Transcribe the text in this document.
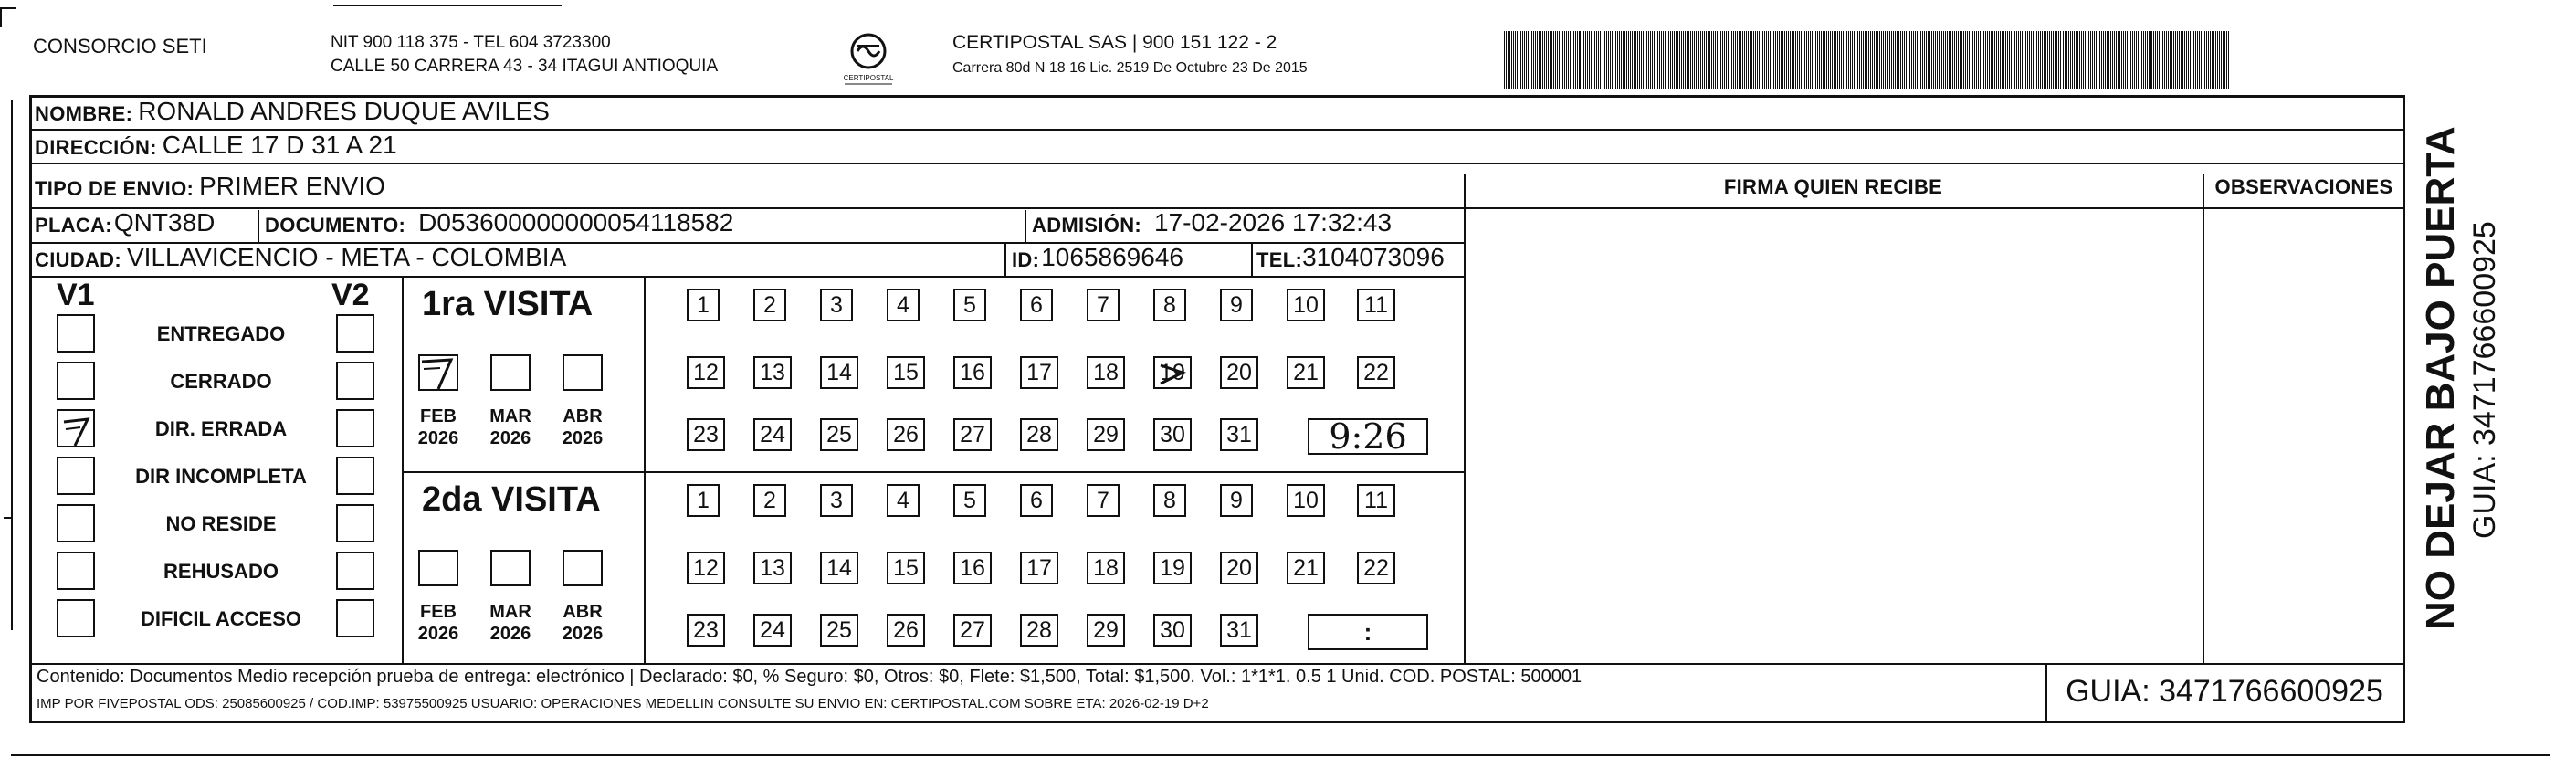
CONSORCIO SETI	NIT 900 118 375 - TEL 604 3723300
CALLE 50 CARRERA 43 - 34 ITAGUI ANTIOQUIA
CERTIPOSTAL
CERTIPOSTAL SAS | 900 151 122 - 2
Carrera 80d N 18 16 Lic. 2519 De Octubre 23 De 2015
NOMBRE: RONALD ANDRES DUQUE AVILES
DIRECCIÓN: CALLE 17 D 31 A 21
TIPO DE ENVIO: PRIMER ENVIO
PLACA: QNT38D DOCUMENTO: D053600000000054118582	ADMISIÓN: 17-02-2026 17:32:43
CIUDAD: VILLAVICENCIO - META - COLOMBIA	ID: 1065869646	TEL: 3104073096
FIRMA QUIEN RECIBE	OBSERVACIONES
V1	V2
ENTREGADO
CERRADO
DIR. ERRADA
DIR INCOMPLETA
NO RESIDE
REHUSADO
DIFICIL ACCESO
1ra VISITA
FEB
2026
MAR
2026
ABR
2026
1 2 3 4 5 6 7 8 9 10 11
12 13 14 15 16 17 18 19 20 21 22
23 24 25 26 27 28 29 30 31	9:26
2da VISITA
FEB
2026
MAR
2026
ABR
2026
1 2 3 4 5 6 7 8 9 10 11
12 13 14 15 16 17 18 19 20 21 22
23 24 25 26 27 28 29 30 31	:
Contenido: Documentos Medio recepción prueba de entrega: electrónico | Declarado: $0, % Seguro: $0, Otros: $0, Flete: $1,500, Total: $1,500. Vol.: 1*1*1. 0.5 1 Unid. COD. POSTAL: 500001
IMP POR FIVEPOSTAL ODS: 25085600925 / COD.IMP: 53975500925 USUARIO: OPERACIONES MEDELLIN CONSULTE SU ENVIO EN: CERTIPOSTAL.COM SOBRE ETA: 2026-02-19 D+2	GUIA: 3471766600925
NO DEJAR BAJO PUERTA GUIA: 3471766600925
